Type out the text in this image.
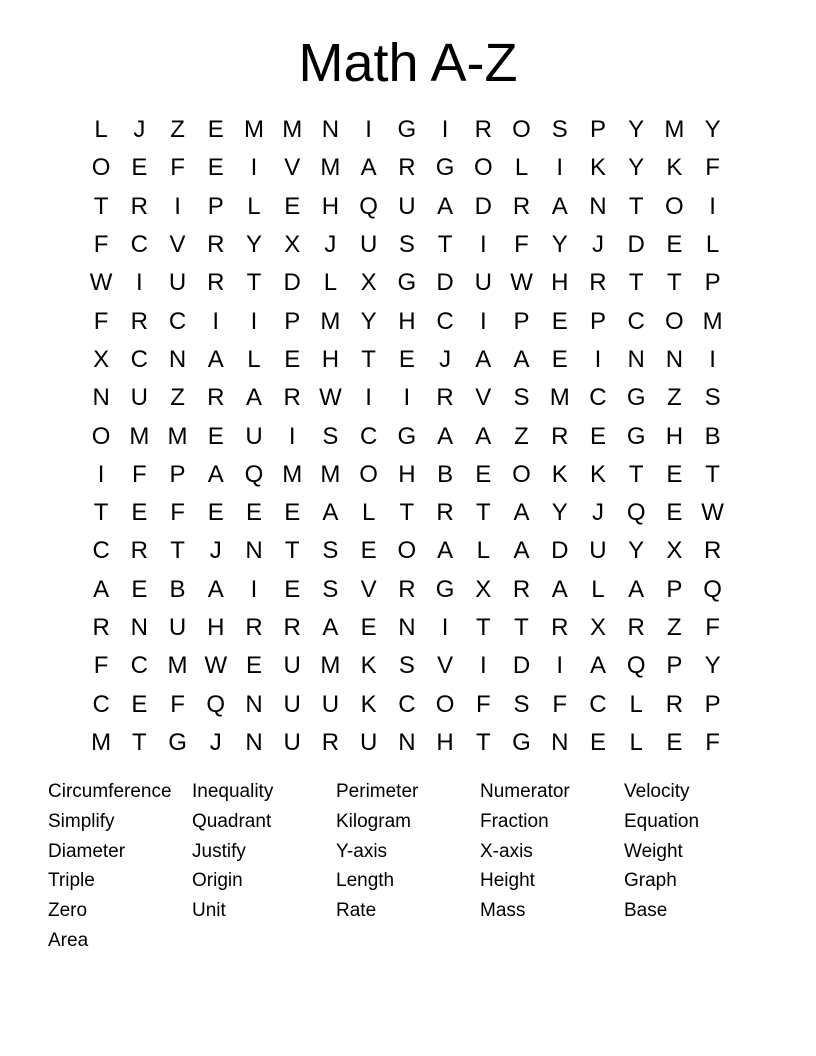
Math A-Z
L	J	Z E M M N	I	G	I	R O S P Y M Y
O E F E	I	V M A R G O L	I	K Y K F
T R	I	P L E H Q U A D R A N T O	I
F C V R Y X	J U S T	I	F Y	J D E L
W I	U R T D L X G D U W H R T T P
F R C	I	I	P M Y H C	I	P E P C O M
X C N A L E H T E	J	A A E	I	N N	I
N U Z R A R W I	I	R V S M C G Z S
O M M E U	I	S C G A A Z R E G H B
I	F P A Q M M O H B E O K K T E T
T E F E E E A L	T R T A Y	J Q E W
C R T	J N T S E O A L A D U Y X R
A E B A	I	E S V R G X R A L A P Q
R N U H R R A E N	I	T T R X R Z F
F C M W E U M K S V	I	D	I	A Q P Y
C E F Q N U U K C O F S F C L R P
M T G J N U R U N H T G N E L E F
Circumference	Inequality	Perimeter	Numerator	Velocity
Simplify	Quadrant	Kilogram	Fraction	Equation
Diameter	Justify	Y-axis	X-axis	Weight
Triple	Origin	Length	Height	Graph
Zero	Unit	Rate	Mass	Base
Area
